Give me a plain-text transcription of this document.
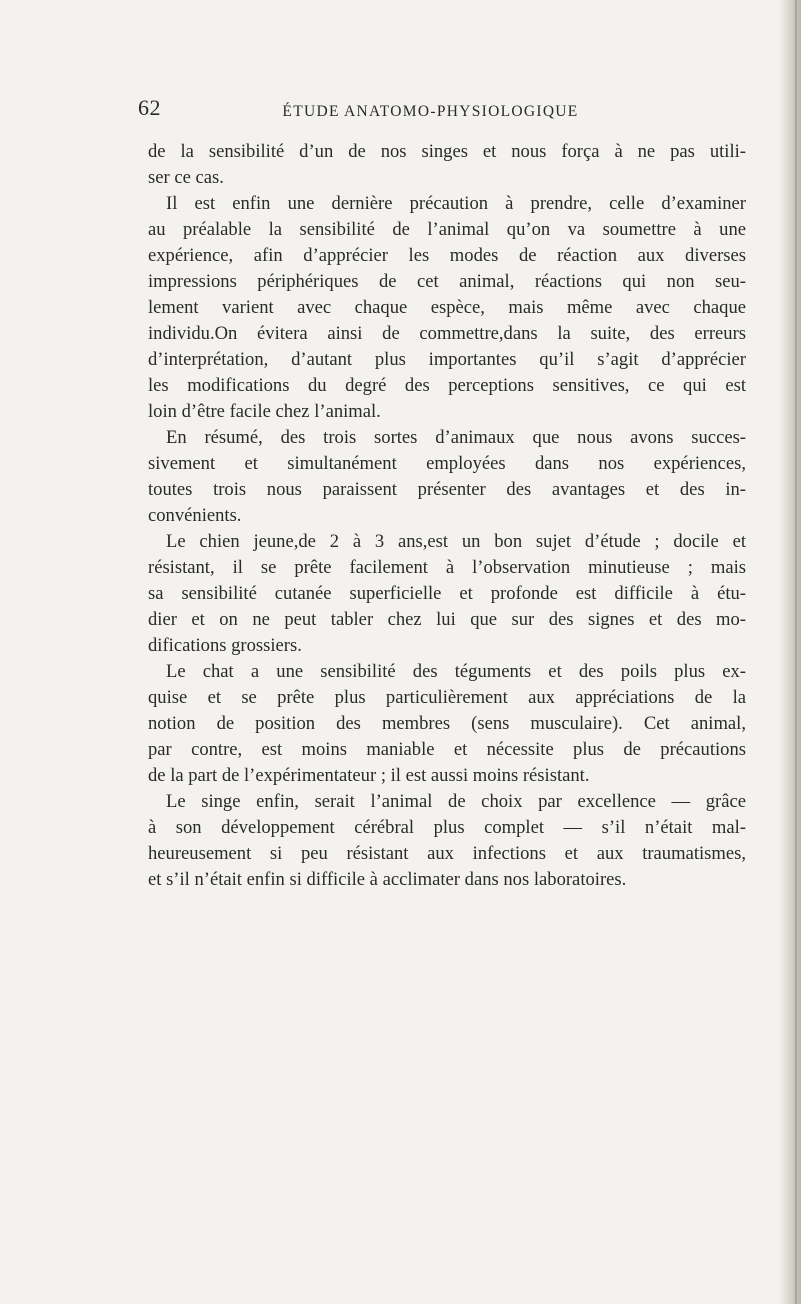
62	ÉTUDE ANATOMO-PHYSIOLOGIQUE
de la sensibilité d’un de nos singes et nous força à ne pas utili-
ser ce cas.
Il est enfin une dernière précaution à prendre, celle d’examiner
au préalable la sensibilité de l’animal qu’on va soumettre à une
expérience, afin d’apprécier les modes de réaction aux diverses
impressions périphériques de cet animal, réactions qui non seu-
lement varient avec chaque espèce, mais même avec chaque
individu.On évitera ainsi de commettre,dans la suite, des erreurs
d’interprétation, d’autant plus importantes qu’il s’agit d’apprécier
les modifications du degré des perceptions sensitives, ce qui est
loin d’être facile chez l’animal.
En résumé, des trois sortes d’animaux que nous avons succes-
sivement et simultanément employées dans nos expériences,
toutes trois nous paraissent présenter des avantages et des in-
convénients.
Le chien jeune,de 2 à 3 ans,est un bon sujet d’étude ; docile et
résistant, il se prête facilement à l’observation minutieuse ; mais
sa sensibilité cutanée superficielle et profonde est difficile à étu-
dier et on ne peut tabler chez lui que sur des signes et des mo-
difications grossiers.
Le chat a une sensibilité des téguments et des poils plus ex-
quise et se prête plus particulièrement aux appréciations de la
notion de position des membres (sens musculaire). Cet animal,
par contre, est moins maniable et nécessite plus de précautions
de la part de l’expérimentateur ; il est aussi moins résistant.
Le singe enfin, serait l’animal de choix par excellence — grâce
à son développement cérébral plus complet — s’il n’était mal-
heureusement si peu résistant aux infections et aux traumatismes,
et s’il n’était enfin si difficile à acclimater dans nos laboratoires.
